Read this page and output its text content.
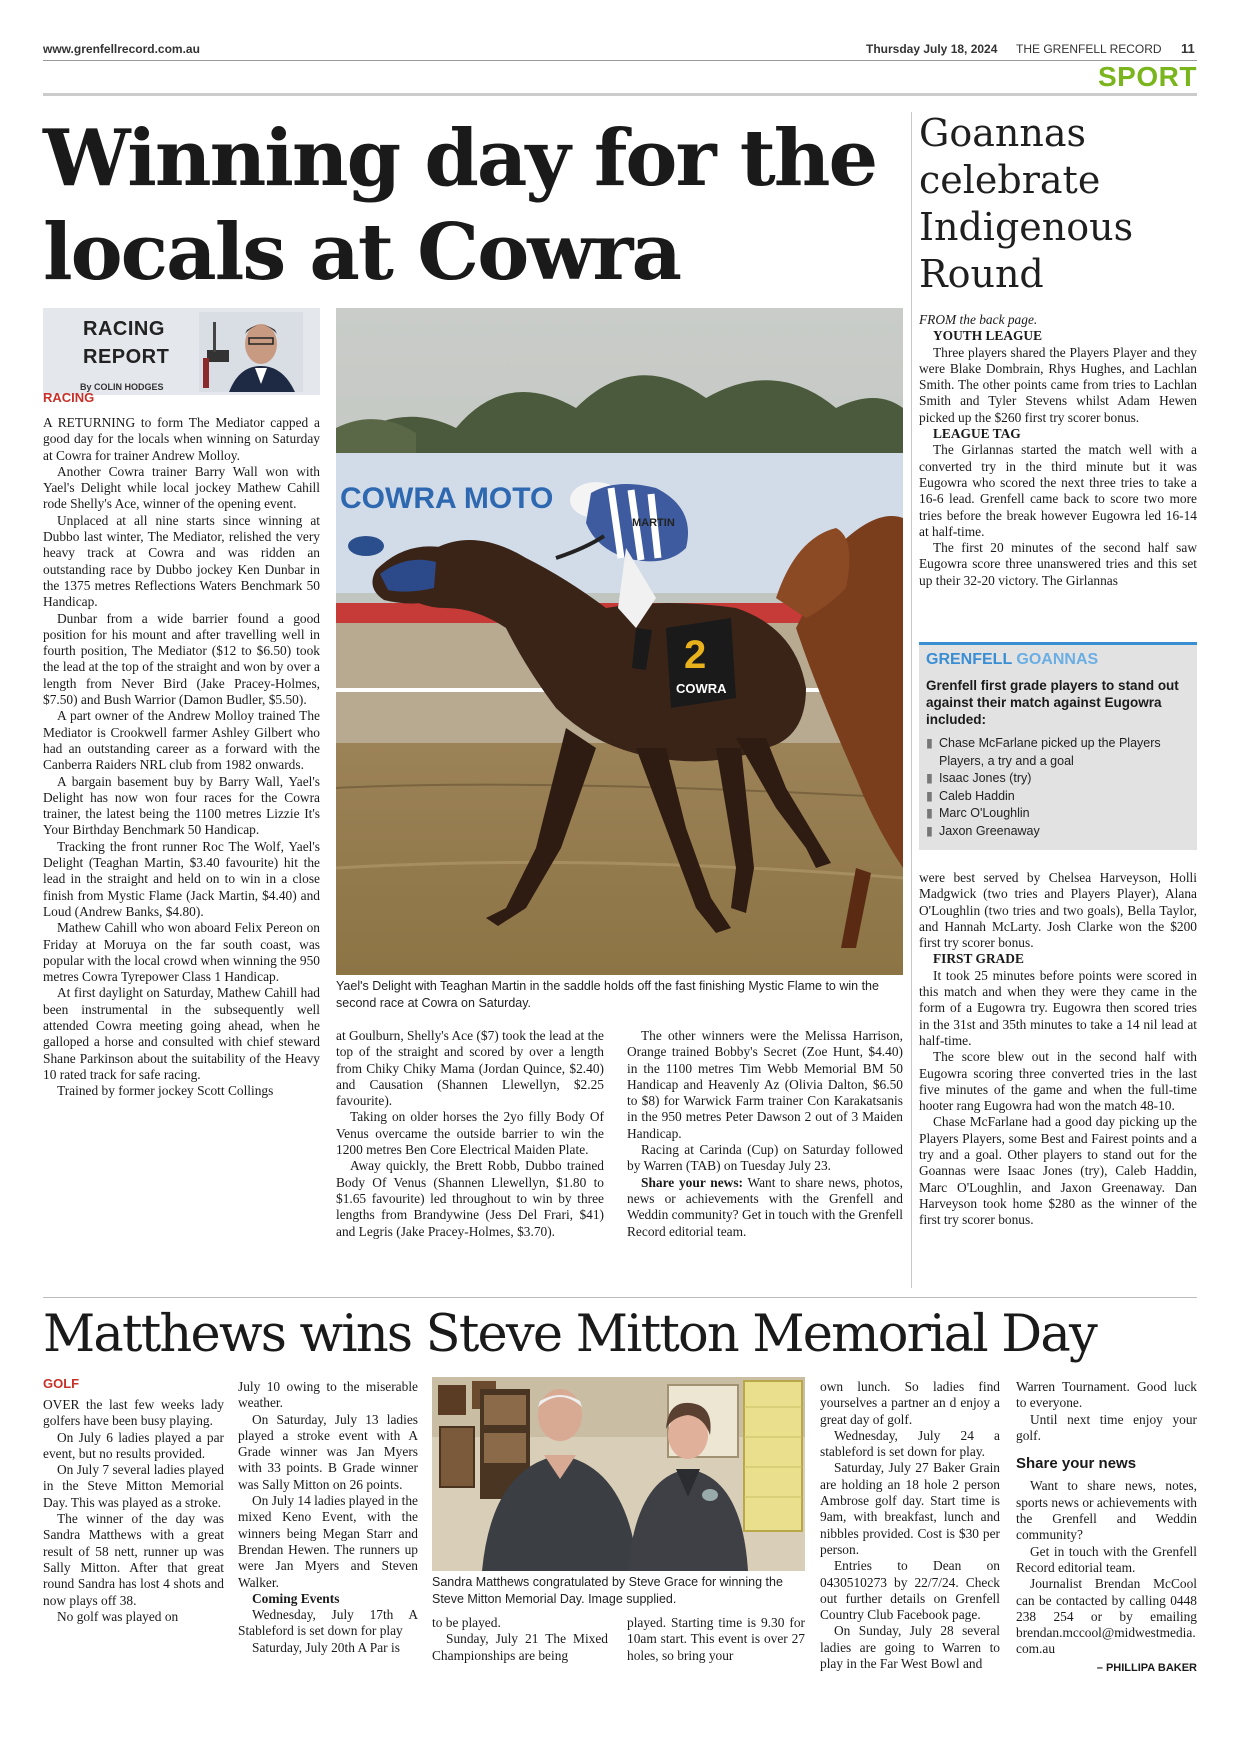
www.grenfellrecord.com.au	Thursday July 18, 2024 THE GRENFELL RECORD 11
SPORT
Winning day for the
locals at Cowra
RACING
REPORT
By COLIN HODGES
RACING

A RETURNING to form The Mediator capped a good day for the locals when winning on Saturday at Cowra for trainer Andrew Molloy.

Another Cowra trainer Barry Wall won with Yael's Delight while local jockey Mathew Cahill rode Shelly's Ace, winner of the opening event.

Unplaced at all nine starts since winning at Dubbo last winter, The Mediator, relished the very heavy track at Cowra and was ridden an outstanding race by Dubbo jockey Ken Dunbar in the 1375 metres Reflections Waters Benchmark 50 Handicap.

Dunbar from a wide barrier found a good position for his mount and after travelling well in fourth position, The Mediator ($12 to $6.50) took the lead at the top of the straight and won by over a length from Never Bird (Jake Pracey-Holmes, $7.50) and Bush Warrior (Damon Budler, $5.50).

A part owner of the Andrew Molloy trained The Mediator is Crookwell farmer Ashley Gilbert who had an outstanding career as a forward with the Canberra Raiders NRL club from 1982 onwards.

A bargain basement buy by Barry Wall, Yael's Delight has now won four races for the Cowra trainer, the latest being the 1100 metres Lizzie It's Your Birthday Benchmark 50 Handicap.

Tracking the front runner Roc The Wolf, Yael's Delight (Teaghan Martin, $3.40 favourite) hit the lead in the straight and held on to win in a close finish from Mystic Flame (Jack Martin, $4.40) and Loud (Andrew Banks, $4.80).

Mathew Cahill who won aboard Felix Pereon on Friday at Moruya on the far south coast, was popular with the local crowd when winning the 950 metres Cowra Tyrepower Class 1 Handicap.

At first daylight on Saturday, Mathew Cahill had been instrumental in the subsequently well attended Cowra meeting going ahead, when he galloped a horse and consulted with chief steward Shane Parkinson about the suitability of the Heavy 10 rated track for safe racing.

Trained by former jockey Scott Collings

COWRA MOTO
2
COWRA
MARTIN
Yael's Delight with Teaghan Martin in the saddle holds off the fast finishing Mystic Flame to win the second race at Cowra on Saturday.

at Goulburn, Shelly's Ace ($7) took the lead at the top of the straight and scored by over a length from Chiky Chiky Mama (Jordan Quince, $2.40) and Causation (Shannen Llewellyn, $2.25 favourite).

Taking on older horses the 2yo filly Body Of Venus overcame the outside barrier to win the 1200 metres Ben Core Electrical Maiden Plate.

Away quickly, the Brett Robb, Dubbo trained Body Of Venus (Shannen Llewellyn, $1.80 to $1.65 favourite) led throughout to win by three lengths from Brandywine (Jess Del Frari, $41) and Legris (Jake Pracey-Holmes, $3.70).

The other winners were the Melissa Harrison, Orange trained Bobby's Secret (Zoe Hunt, $4.40) in the 1100 metres Tim Webb Memorial BM 50 Handicap and Heavenly Az (Olivia Dalton, $6.50 to $8) for Warwick Farm trainer Con Karakatsanis in the 950 metres Peter Dawson 2 out of 3 Maiden Handicap.

Racing at Carinda (Cup) on Saturday followed by Warren (TAB) on Tuesday July 23.

Share your news: Want to share news, photos, news or achievements with the Grenfell and Weddin community? Get in touch with the Grenfell Record editorial team.

Goannas
celebrate
Indigenous
Round

FROM the back page.

YOUTH LEAGUE

Three players shared the Players Player and they were Blake Dombrain, Rhys Hughes, and Lachlan Smith. The other points came from tries to Lachlan Smith and Tyler Stevens whilst Adam Hewen picked up the $260 first try scorer bonus.

LEAGUE TAG

The Girlannas started the match well with a converted try in the third minute but it was Eugowra who scored the next three tries to take a 16-6 lead. Grenfell came back to score two more tries before the break however Eugowra led 16-14 at half-time.

The first 20 minutes of the second half saw Eugowra score three unanswered tries and this set up their 32-20 victory. The Girlannas

GRENFELL GOANNAS
Grenfell first grade players to stand out against their match against Eugowra included:
▮ Chase McFarlane picked up the Players Players, a try and a goal
▮ Isaac Jones (try)
▮ Caleb Haddin
▮ Marc O'Loughlin
▮ Jaxon Greenaway

were best served by Chelsea Harveyson, Holli Madgwick (two tries and Players Player), Alana O'Loughlin (two tries and two goals), Bella Taylor, and Hannah McLarty. Josh Clarke won the $200 first try scorer bonus.

FIRST GRADE

It took 25 minutes before points were scored in this match and when they were they came in the form of a Eugowra try. Eugowra then scored tries in the 31st and 35th minutes to take a 14 nil lead at half-time.

The score blew out in the second half with Eugowra scoring three converted tries in the last five minutes of the game and when the full-time hooter rang Eugowra had won the match 48-10.

Chase McFarlane had a good day picking up the Players Players, some Best and Fairest points and a try and a goal. Other players to stand out for the Goannas were Isaac Jones (try), Caleb Haddin, Marc O'Loughlin, and Jaxon Greenaway. Dan Harveyson took home $280 as the winner of the first try scorer bonus.

Matthews wins Steve Mitton Memorial Day
GOLF

OVER the last few weeks lady golfers have been busy playing.

On July 6 ladies played a par event, but no results provided.

On July 7 several ladies played in the Steve Mitton Memorial Day. This was played as a stroke.

The winner of the day was Sandra Matthews with a great result of 58 nett, runner up was Sally Mitton. After that great round Sandra has lost 4 shots and now plays off 38.

No golf was played on

July 10 owing to the miserable weather.

On Saturday, July 13 ladies played a stroke event with A Grade winner was Jan Myers with 33 points. B Grade winner was Sally Mitton on 26 points.

On July 14 ladies played in the mixed Keno Event, with the winners being Megan Starr and Brendan Hewen. The runners up were Jan Myers and Steven Walker.

Coming Events

Wednesday, July 17th A Stableford is set down for play

Saturday, July 20th A Par is

Sandra Matthews congratulated by Steve Grace for winning the Steve Mitton Memorial Day. Image supplied.

to be played.

Sunday, July 21 The Mixed Championships are being

played. Starting time is 9.30 for 10am start. This event is over 27 holes, so bring your

own lunch. So ladies find yourselves a partner an d enjoy a great day of golf.

Wednesday, July 24 a stableford is set down for play.

Saturday, July 27 Baker Grain are holding an 18 hole 2 person Ambrose golf day. Start time is 9am, with breakfast, lunch and nibbles provided. Cost is $30 per person.

Entries to Dean on 0430510273 by 22/7/24. Check out further details on Grenfell Country Club Facebook page.

On Sunday, July 28 several ladies are going to Warren to play in the Far West Bowl and

Warren Tournament. Good luck to everyone.

Until next time enjoy your golf.

Share your news

Want to share news, notes, sports news or achievements with the Grenfell and Weddin community?

Get in touch with the Grenfell Record editorial team.

Journalist Brendan McCool can be contacted by calling 0448 238 254 or by emailing brendan.mccool@midwestmedia.com.au

– PHILLIPA BAKER
